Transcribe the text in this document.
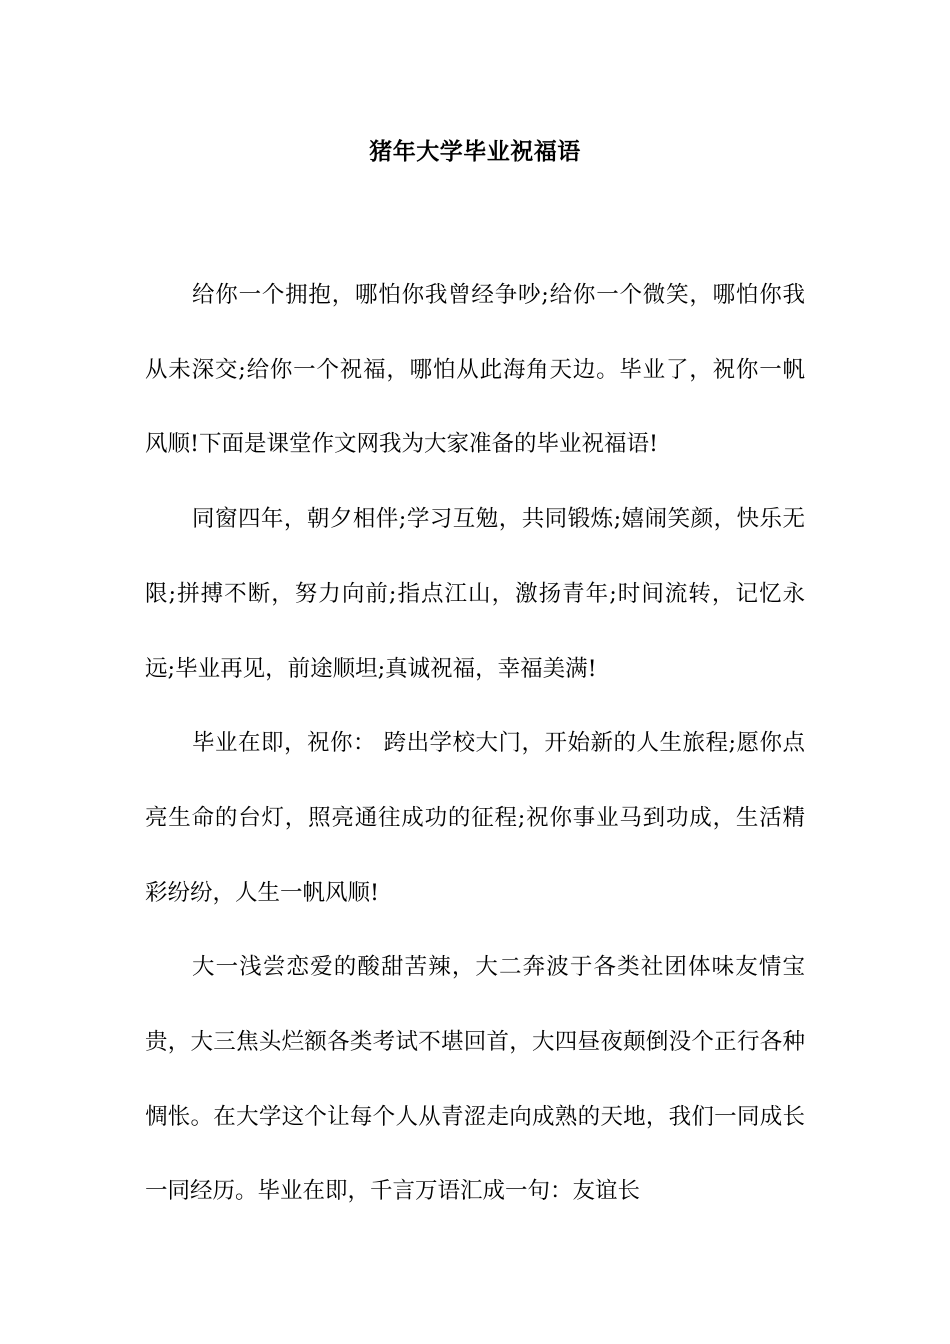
猪年大学毕业祝福语

给你一个拥抱，哪怕你我曾经争吵;给你一个微笑，哪怕你我从未深交;给你一个祝福，哪怕从此海角天边。毕业了，祝你一帆风顺!下面是课堂作文网我为大家准备的毕业祝福语!

同窗四年，朝夕相伴;学习互勉，共同锻炼;嬉闹笑颜，快乐无限;拼搏不断，努力向前;指点江山，激扬青年;时间流转，记忆永远;毕业再见，前途顺坦;真诚祝福，幸福美满!

毕业在即，祝你： 跨出学校大门，开始新的人生旅程;愿你点亮生命的台灯，照亮通往成功的征程;祝你事业马到功成，生活精彩纷纷，人生一帆风顺!

大一浅尝恋爱的酸甜苦辣，大二奔波于各类社团体味友情宝贵，大三焦头烂额各类考试不堪回首，大四昼夜颠倒没个正行各种惆怅。在大学这个让每个人从青涩走向成熟的天地，我们一同成长一同经历。毕业在即，千言万语汇成一句：友谊长
